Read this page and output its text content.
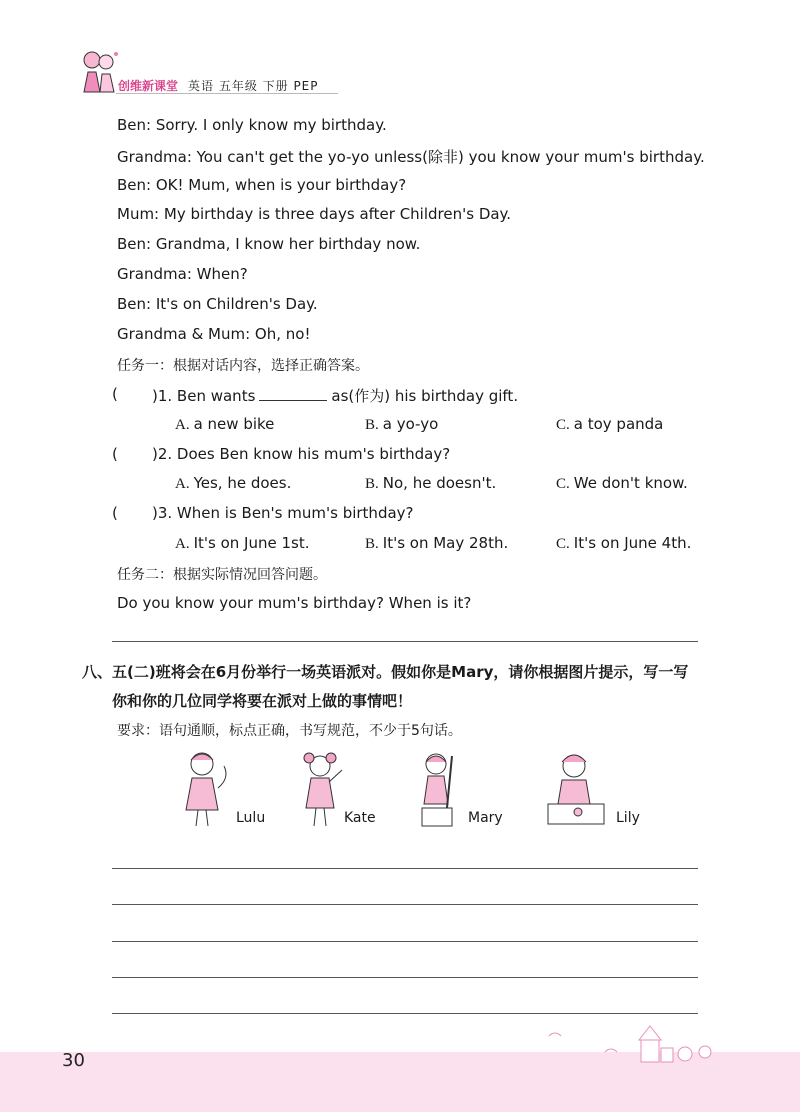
创维新课堂 英语 五年级 下册 PEP
Ben: Sorry. I only know my birthday.
Grandma: You can't get the yo-yo unless(除非) you know your mum's birthday.
Ben: OK! Mum, when is your birthday?
Mum: My birthday is three days after Children's Day.
Ben: Grandma, I know her birthday now.
Grandma: When?
Ben: It's on Children's Day.
Grandma & Mum: Oh, no!
任务一：根据对话内容，选择正确答案。
( )1. Ben wants	as(作为) his birthday gift.
A. a new bike	B. a yo-yo	C. a toy panda
( )2. Does Ben know his mum's birthday?
A. Yes, he does.	B. No, he doesn't.	C. We don't know.
( )3. When is Ben's mum's birthday?
A. It's on June 1st.	B. It's on May 28th.	C. It's on June 4th.
任务二：根据实际情况回答问题。
Do you know your mum's birthday? When is it?
八、五(二)班将会在6月份举行一场英语派对。假如你是Mary，请你根据图片提示，写一写
你和你的几位同学将要在派对上做的事情吧！
要求：语句通顺，标点正确，书写规范，不少于5句话。
Lulu	Kate	Mary	Lily
30
